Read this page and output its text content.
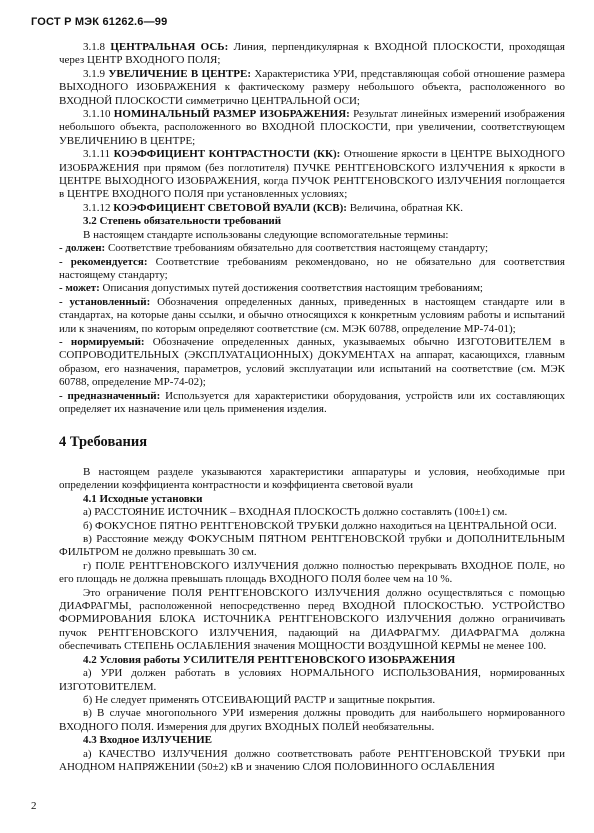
ГОСТ Р МЭК 61262.6—99

3.1.8 ЦЕНТРАЛЬНАЯ ОСЬ: Линия, перпендикулярная к ВХОДНОЙ ПЛОСКОСТИ, проходящая через ЦЕНТР ВХОДНОГО ПОЛЯ;

3.1.9 УВЕЛИЧЕНИЕ В ЦЕНТРЕ: Характеристика УРИ, представляющая собой отношение размера ВЫХОДНОГО ИЗОБРАЖЕНИЯ к фактическому размеру небольшого объекта, расположенного во ВХОДНОЙ ПЛОСКОСТИ симметрично ЦЕНТРАЛЬНОЙ ОСИ;

3.1.10 НОМИНАЛЬНЫЙ РАЗМЕР ИЗОБРАЖЕНИЯ: Результат линейных измерений изображения небольшого объекта, расположенного во ВХОДНОЙ ПЛОСКОСТИ, при увеличении, соответствующем УВЕЛИЧЕНИЮ В ЦЕНТРЕ;

3.1.11 КОЭФФИЦИЕНТ КОНТРАСТНОСТИ (КК): Отношение яркости в ЦЕНТРЕ ВЫХОДНОГО ИЗОБРАЖЕНИЯ при прямом (без поглотителя) ПУЧКЕ РЕНТГЕНОВСКОГО ИЗЛУЧЕНИЯ к яркости в ЦЕНТРЕ ВЫХОДНОГО ИЗОБРАЖЕНИЯ, когда ПУЧОК РЕНТГЕНОВСКОГО ИЗЛУЧЕНИЯ поглощается в ЦЕНТРЕ ВХОДНОГО ПОЛЯ при установленных условиях;

3.1.12 КОЭФФИЦИЕНТ СВЕТОВОЙ ВУАЛИ (КСВ): Величина, обратная КК.

3.2 Степень обязательности требований

В настоящем стандарте использованы следующие вспомогательные термины:

- должен: Соответствие требованиям обязательно для соответствия настоящему стандарту;

- рекомендуется: Соответствие требованиям рекомендовано, но не обязательно для соответствия настоящему стандарту;

- может: Описания допустимых путей достижения соответствия настоящим требованиям;

- установленный: Обозначения определенных данных, приведенных в настоящем стандарте или в стандартах, на которые даны ссылки, и обычно относящихся к конкретным условиям работы и испытаний или к значениям, по которым определяют соответствие (см. МЭК 60788, определение МР-74-01);

- нормируемый: Обозначение определенных данных, указываемых обычно ИЗГОТОВИТЕЛЕМ в СОПРОВОДИТЕЛЬНЫХ (ЭКСПЛУАТАЦИОННЫХ) ДОКУМЕНТАХ на аппарат, касающихся, главным образом, его назначения, параметров, условий эксплуатации или испытаний на соответствие (см. МЭК 60788, определение МР-74-02);

- предназначенный: Используется для характеристики оборудования, устройств или их составляющих определяет их назначение или цель применения изделия.

4 Требования

В настоящем разделе указываются характеристики аппаратуры и условия, необходимые при определении коэффициента контрастности и коэффициента световой вуали

4.1 Исходные установки

а) РАССТОЯНИЕ ИСТОЧНИК – ВХОДНАЯ ПЛОСКОСТЬ должно составлять (100±1) см.

б) ФОКУСНОЕ ПЯТНО РЕНТГЕНОВСКОЙ ТРУБКИ должно находиться на ЦЕНТРАЛЬНОЙ ОСИ.

в) Расстояние между ФОКУСНЫМ ПЯТНОМ РЕНТГЕНОВСКОЙ трубки и ДОПОЛНИТЕЛЬНЫМ ФИЛЬТРОМ не должно превышать 30 см.

г) ПОЛЕ РЕНТГЕНОВСКОГО ИЗЛУЧЕНИЯ должно полностью перекрывать ВХОДНОЕ ПОЛЕ, но его площадь не должна превышать площадь ВХОДНОГО ПОЛЯ более чем на 10 %.

Это ограничение ПОЛЯ РЕНТГЕНОВСКОГО ИЗЛУЧЕНИЯ должно осуществляться с помощью ДИАФРАГМЫ, расположенной непосредственно перед ВХОДНОЙ ПЛОСКОСТЬЮ. УСТРОЙСТВО ФОРМИРОВАНИЯ БЛОКА ИСТОЧНИКА РЕНТГЕНОВСКОГО ИЗЛУЧЕНИЯ должно ограничивать пучок РЕНТГЕНОВСКОГО ИЗЛУЧЕНИЯ, падающий на ДИАФРАГМУ. ДИАФРАГМА должна обеспечивать СТЕПЕНЬ ОСЛАБЛЕНИЯ значения МОЩНОСТИ ВОЗДУШНОЙ КЕРМЫ не менее 100.

4.2 Условия работы УСИЛИТЕЛЯ РЕНТГЕНОВСКОГО ИЗОБРАЖЕНИЯ

а) УРИ должен работать в условиях НОРМАЛЬНОГО ИСПОЛЬЗОВАНИЯ, нормированных ИЗГОТОВИТЕЛЕМ.

б) Не следует применять ОТСЕИВАЮЩИЙ РАСТР и защитные покрытия.

в) В случае многопольного УРИ измерения должны проводить для наибольшего нормированного ВХОДНОГО ПОЛЯ. Измерения для других ВХОДНЫХ ПОЛЕЙ необязательны.

4.3 Входное ИЗЛУЧЕНИЕ

а) КАЧЕСТВО ИЗЛУЧЕНИЯ должно соответствовать работе РЕНТГЕНОВСКОЙ ТРУБКИ при АНОДНОМ НАПРЯЖЕНИИ (50±2) кВ и значению СЛОЯ ПОЛОВИННОГО ОСЛАБЛЕНИЯ

2
